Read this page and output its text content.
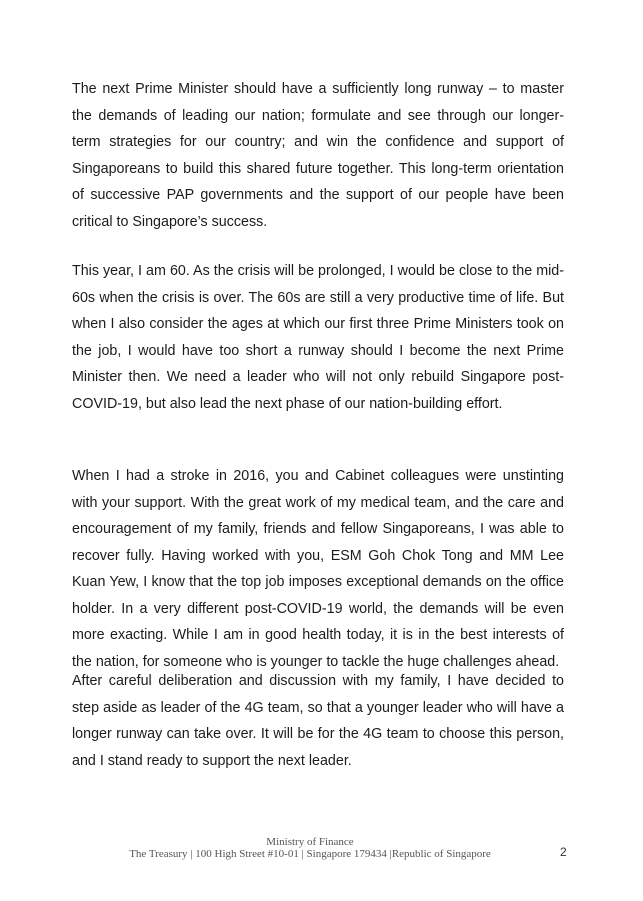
The next Prime Minister should have a sufficiently long runway – to master the demands of leading our nation; formulate and see through our longer-term strategies for our country; and win the confidence and support of Singaporeans to build this shared future together. This long-term orientation of successive PAP governments and the support of our people have been critical to Singapore’s success.

This year, I am 60. As the crisis will be prolonged, I would be close to the mid-60s when the crisis is over. The 60s are still a very productive time of life. But when I also consider the ages at which our first three Prime Ministers took on the job, I would have too short a runway should I become the next Prime Minister then. We need a leader who will not only rebuild Singapore post-COVID-19, but also lead the next phase of our nation-building effort.

When I had a stroke in 2016, you and Cabinet colleagues were unstinting with your support. With the great work of my medical team, and the care and encouragement of my family, friends and fellow Singaporeans, I was able to recover fully. Having worked with you, ESM Goh Chok Tong and MM Lee Kuan Yew, I know that the top job imposes exceptional demands on the office holder. In a very different post-COVID-19 world, the demands will be even more exacting. While I am in good health today, it is in the best interests of the nation, for someone who is younger to tackle the huge challenges ahead.

After careful deliberation and discussion with my family, I have decided to step aside as leader of the 4G team, so that a younger leader who will have a longer runway can take over. It will be for the 4G team to choose this person, and I stand ready to support the next leader.

Ministry of Finance
The Treasury | 100 High Street #10-01 | Singapore 179434 |Republic of Singapore	2
